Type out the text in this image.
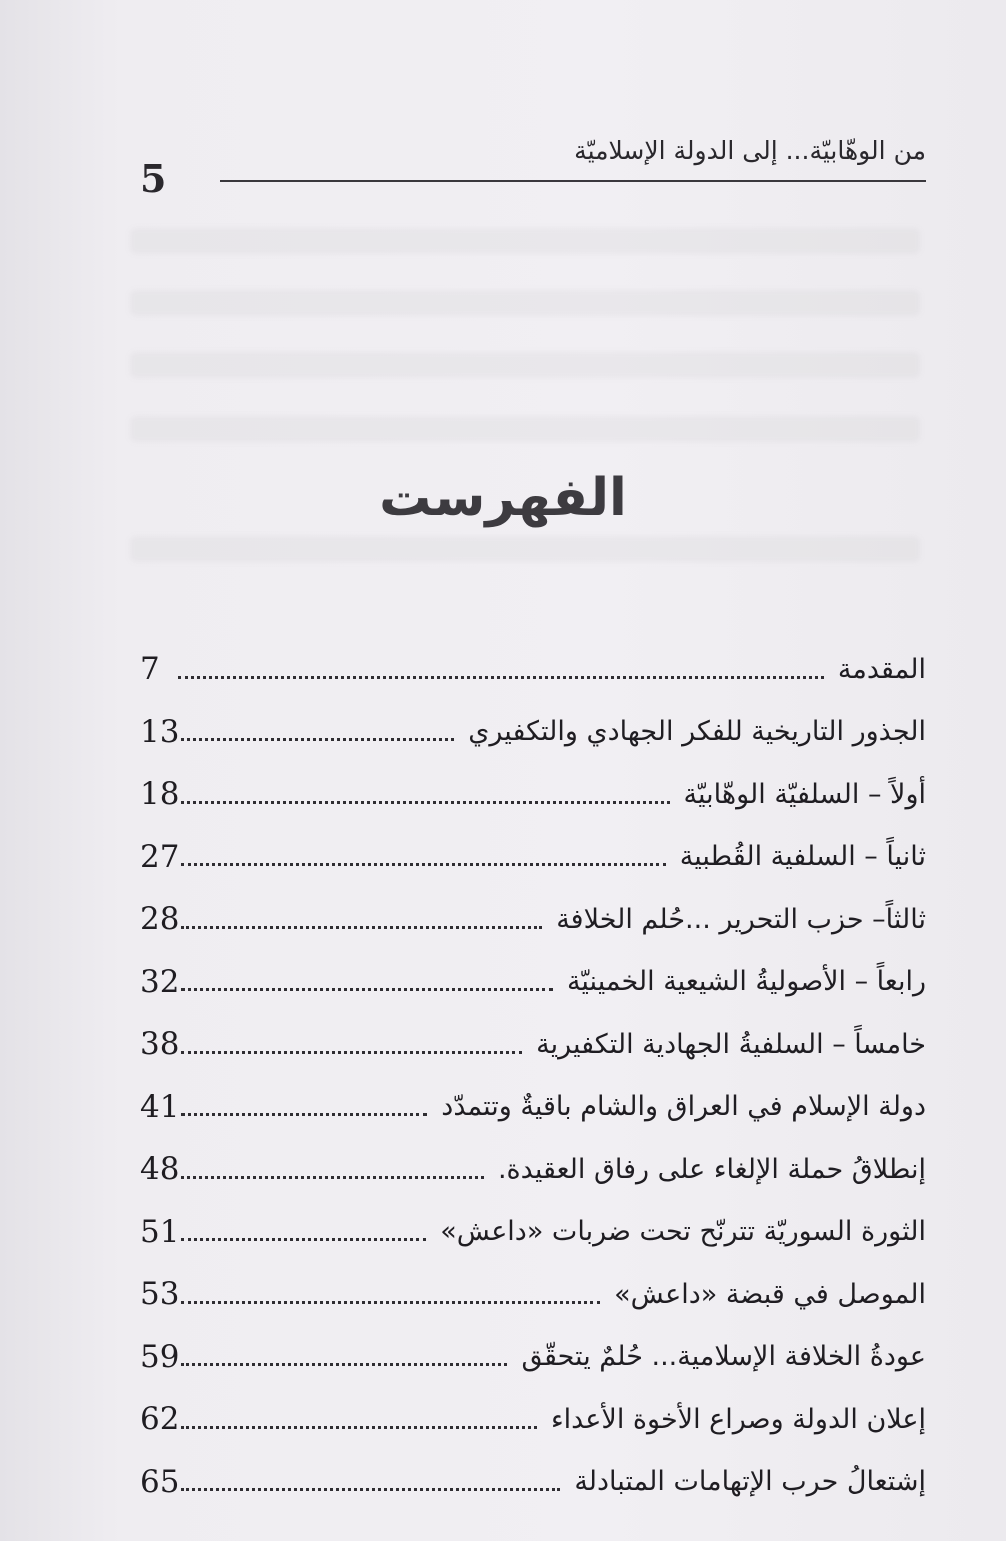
5
من الوهّابيّة... إلى الدولة الإسلاميّة
الفهرست
7	المقدمة
13	الجذور التاريخية للفكر الجهادي والتكفيري
18	أولاً – السلفيّة الوهّابيّة
27	ثانياً – السلفية القُطبية
28	ثالثاً– حزب التحرير ...حُلم الخلافة
32	رابعاً – الأصوليةُ الشيعية الخمينيّة
38	خامساً – السلفيةُ الجهادية التكفيرية
41	دولة الإسلام في العراق والشام باقيةٌ وتتمدّد
48	إنطلاقُ حملة الإلغاء على رفاق العقيدة.
51	الثورة السوريّة تترنّح تحت ضربات «داعش»
53	الموصل في قبضة «داعش»
59	عودةُ الخلافة الإسلامية... حُلمٌ يتحقّق
62	إعلان الدولة وصراع الأخوة الأعداء
65	إشتعالُ حرب الإتهامات المتبادلة
